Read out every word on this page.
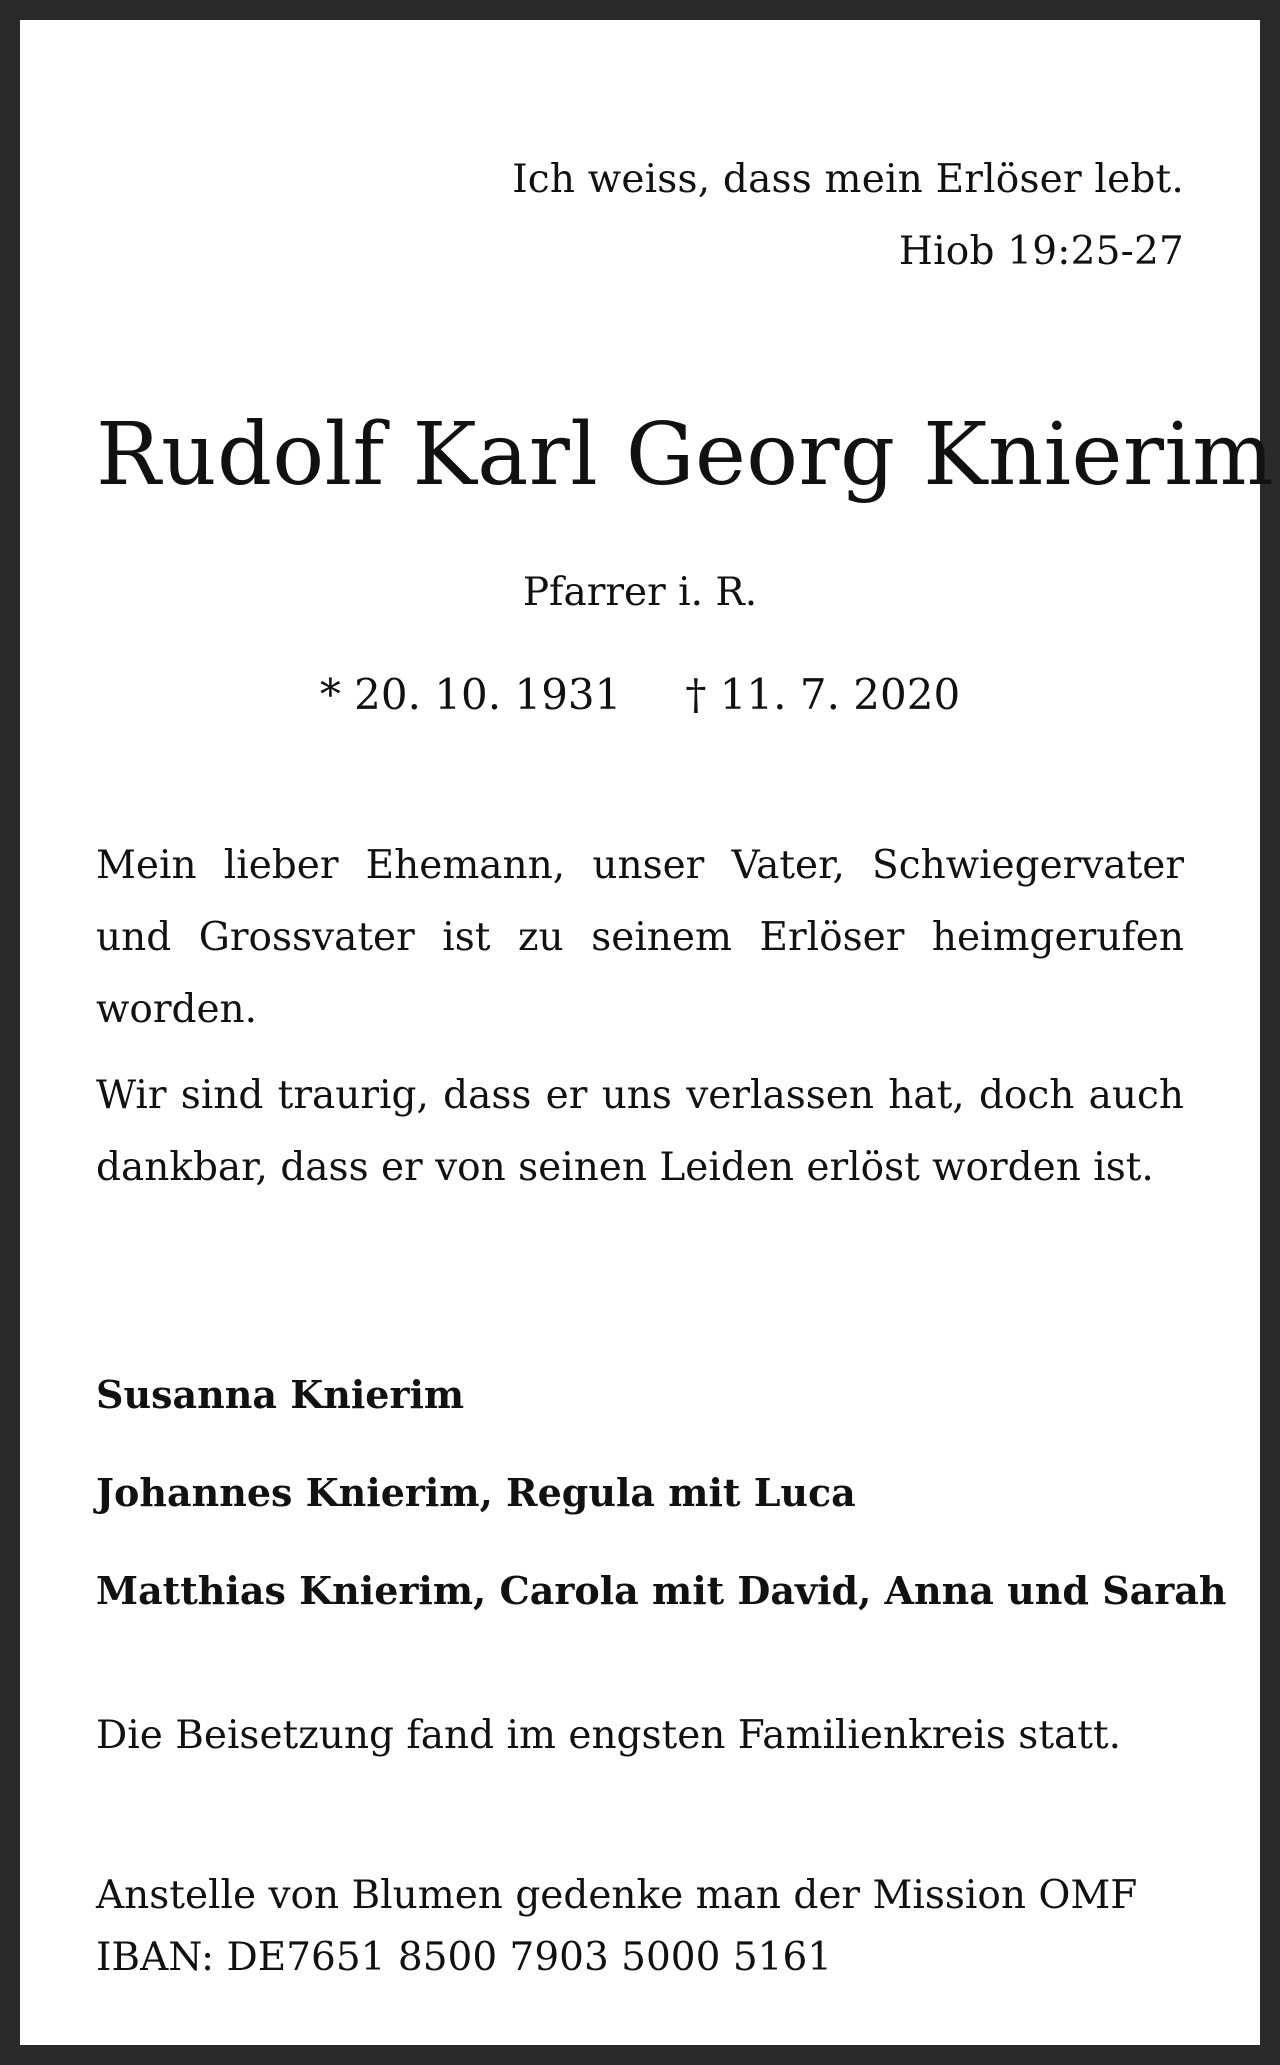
Ich weiss, dass mein Erlöser lebt.
Hiob 19:25-27
Rudolf Karl Georg Knierim
Pfarrer i. R.
* 20. 10. 1931 † 11. 7. 2020
Mein lieber Ehemann, unser Vater, Schwiegervater und Grossvater ist zu seinem Erlöser heimgerufen worden.
Wir sind traurig, dass er uns verlassen hat, doch auch dankbar, dass er von seinen Leiden erlöst worden ist.
Susanna Knierim
Johannes Knierim, Regula mit Luca
Matthias Knierim, Carola mit David, Anna und Sarah
Die Beisetzung fand im engsten Familienkreis statt.
Anstelle von Blumen gedenke man der Mission OMF
IBAN: DE7651 8500 7903 5000 5161
